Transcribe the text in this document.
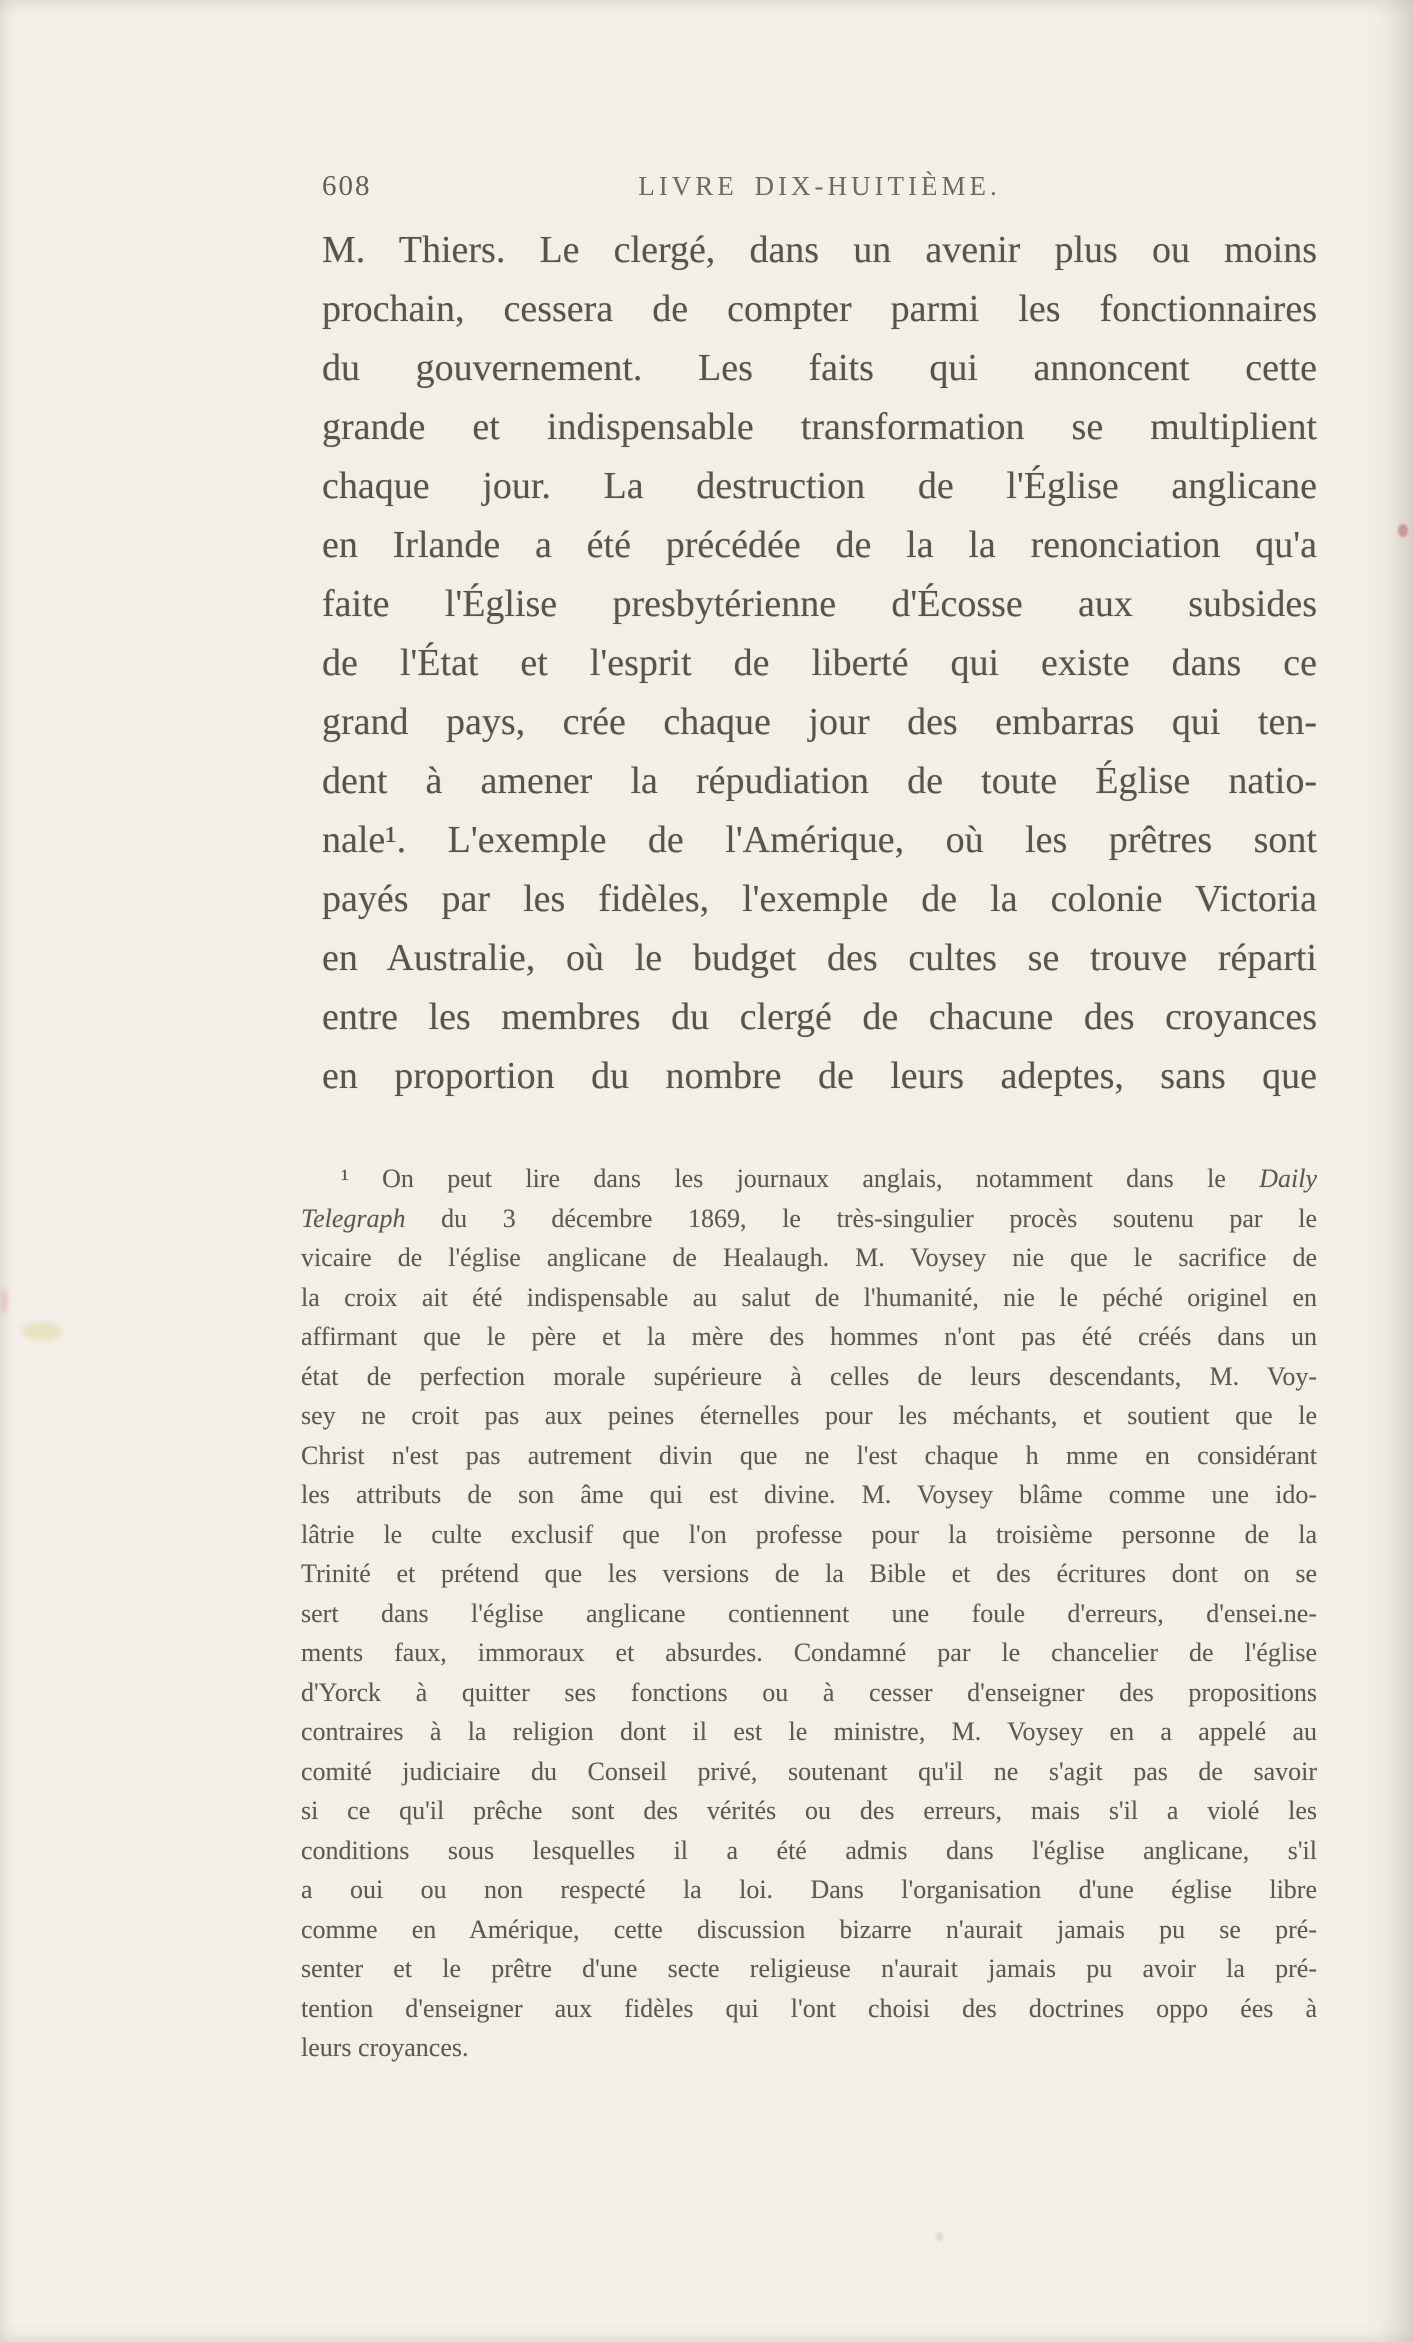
608	LIVRE DIX-HUITIÈME.
M. Thiers. Le clergé, dans un avenir plus ou moins
prochain, cessera de compter parmi les fonctionnaires
du gouvernement. Les faits qui annoncent cette
grande et indispensable transformation se multiplient
chaque jour. La destruction de l'Église anglicane
en Irlande a été précédée de la la renonciation qu'a
faite l'Église presbytérienne d'Écosse aux subsides
de l'État et l'esprit de liberté qui existe dans ce
grand pays, crée chaque jour des embarras qui ten-
dent à amener la répudiation de toute Église natio-
nale¹. L'exemple de l'Amérique, où les prêtres sont
payés par les fidèles, l'exemple de la colonie Victoria
en Australie, où le budget des cultes se trouve réparti
entre les membres du clergé de chacune des croyances
en proportion du nombre de leurs adeptes, sans que
¹ On peut lire dans les journaux anglais, notamment dans le Daily
Telegraph du 3 décembre 1869, le très-singulier procès soutenu par le
vicaire de l'église anglicane de Healaugh. M. Voysey nie que le sacrifice de
la croix ait été indispensable au salut de l'humanité, nie le péché originel en
affirmant que le père et la mère des hommes n'ont pas été créés dans un
état de perfection morale supérieure à celles de leurs descendants, M. Voy-
sey ne croit pas aux peines éternelles pour les méchants, et soutient que le
Christ n'est pas autrement divin que ne l'est chaque h mme en considérant
les attributs de son âme qui est divine. M. Voysey blâme comme une ido-
lâtrie le culte exclusif que l'on professe pour la troisième personne de la
Trinité et prétend que les versions de la Bible et des écritures dont on se
sert dans l'église anglicane contiennent une foule d'erreurs, d'ensei.ne-
ments faux, immoraux et absurdes. Condamné par le chancelier de l'église
d'Yorck à quitter ses fonctions ou à cesser d'enseigner des propositions
contraires à la religion dont il est le ministre, M. Voysey en a appelé au
comité judiciaire du Conseil privé, soutenant qu'il ne s'agit pas de savoir
si ce qu'il prêche sont des vérités ou des erreurs, mais s'il a violé les
conditions sous lesquelles il a été admis dans l'église anglicane, s'il
a oui ou non respecté la loi. Dans l'organisation d'une église libre
comme en Amérique, cette discussion bizarre n'aurait jamais pu se pré-
senter et le prêtre d'une secte religieuse n'aurait jamais pu avoir la pré-
tention d'enseigner aux fidèles qui l'ont choisi des doctrines oppo ées à
leurs croyances.
